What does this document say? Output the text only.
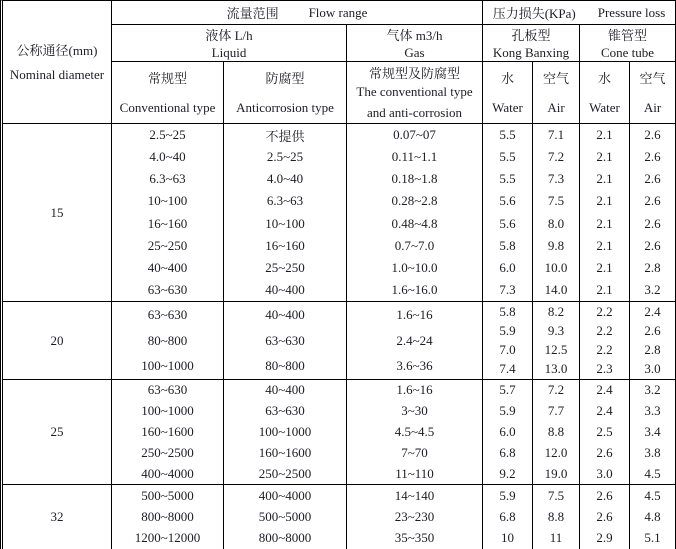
公称通径(mm)
Nominal diameter
流量范围 Flow range	压力损失(KPa) Pressure loss
液体 L/h
Liquid
气体 m3/h
Gas
孔板型
Kong Banxing
锥管型
Cone tube
常规型
Conventional type
防腐型
Anticorrosion type
常规型及防腐型
The conventional type
and anti-corrosion
水
Water
空气
Air
水
Water
空气
Air
15
2.5~25
4.0~40
6.3~63
10~100
16~160
25~250
40~400
63~630
不提供
2.5~25
4.0~40
6.3~63
10~100
16~160
25~250
40~400
0.07~07
0.11~1.1
0.18~1.8
0.28~2.8
0.48~4.8
0.7~7.0
1.0~10.0
1.6~16.0
5.5
5.5
5.5
5.6
5.6
5.8
6.0
7.3
7.1
7.2
7.3
7.5
8.0
9.8
10.0
14.0
2.1
2.1
2.1
2.1
2.1
2.1
2.1
2.1
2.6
2.6
2.6
2.6
2.6
2.6
2.8
3.2
20
63~630
80~800
100~1000
40~400
63~630
80~800
1.6~16
2.4~24
3.6~36
5.8
5.9
7.0
7.4
8.2
9.3
12.5
13.0
2.2
2.2
2.2
2.3
2.4
2.6
2.8
3.0
25
63~630
100~1000
160~1600
250~2500
400~4000
40~400
63~630
100~1000
160~1600
250~2500
1.6~16
3~30
4.5~4.5
7~70
11~110
5.7
5.9
6.0
6.8
9.2
7.2
7.7
8.8
12.0
19.0
2.4
2.4
2.5
2.6
3.0
3.2
3.3
3.4
3.8
4.5
32
500~5000
800~8000
1200~12000
400~4000
500~5000
800~8000
14~140
23~230
35~350
5.9
6.8
10
7.5
8.8
11
2.6
2.6
2.9
4.5
4.8
5.1
